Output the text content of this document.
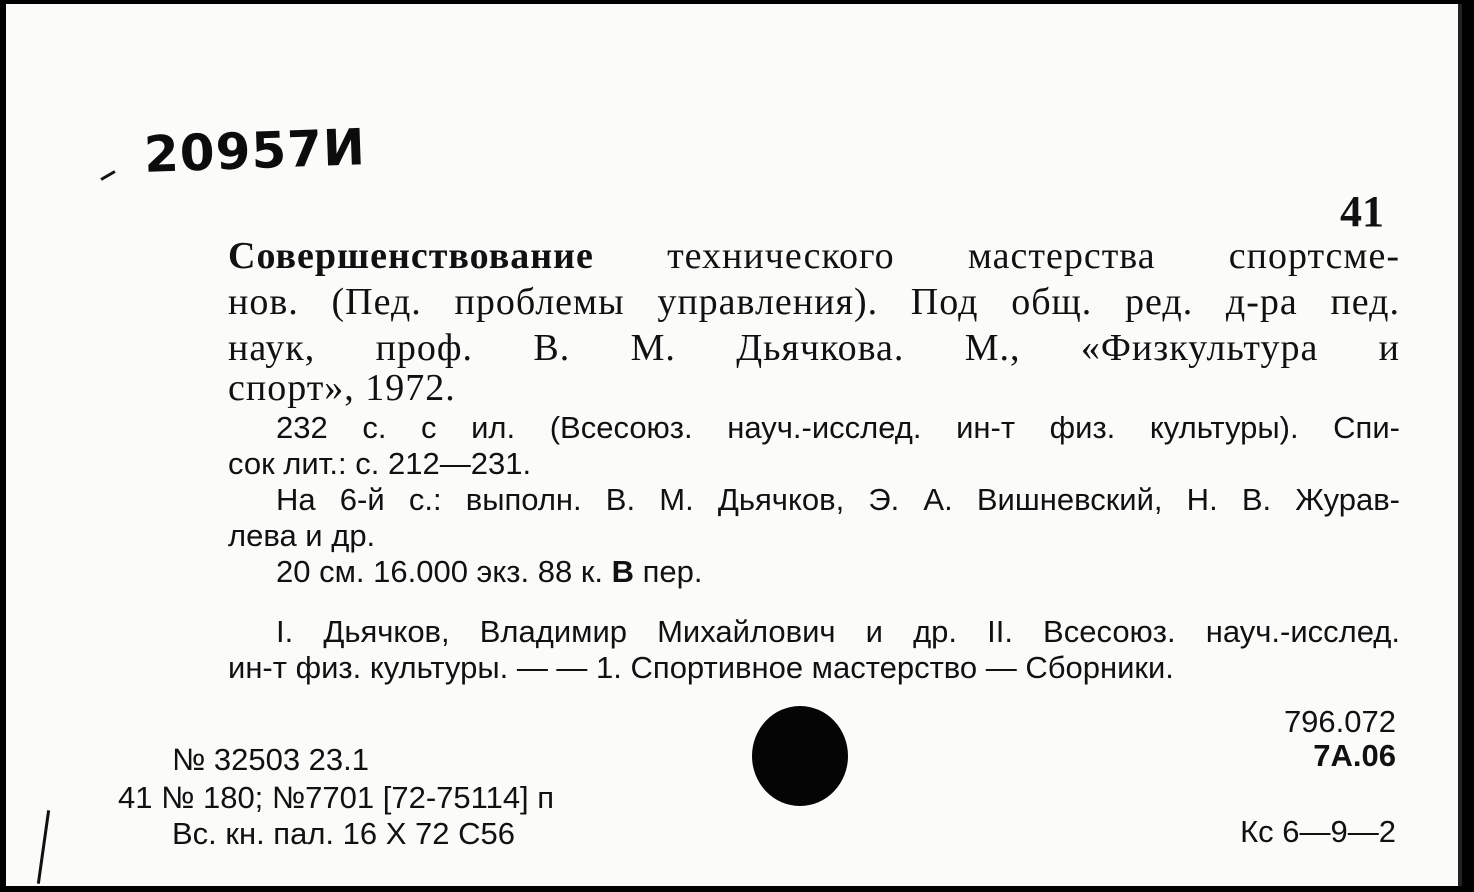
20957И
41
Совершенствование технического мастерства спортсме-
нов. (Пед. проблемы управления). Под общ. ред. д-ра пед.
наук, проф. В. М. Дьячкова. М., «Физкультура и
спорт», 1972.
232 с. с ил. (Всесоюз. науч.-исслед. ин-т физ. культуры). Спи-
сок лит.: с. 212—231.
На 6-й с.: выполн. В. М. Дьячков, Э. А. Вишневский, Н. В. Журав-
лева и др.
20 см. 16.000 экз. 88 к. В пер.
I. Дьячков, Владимир Михайлович и др. II. Всесоюз. науч.-исслед.
ин-т физ. культуры. — — 1. Спортивное мастерство — Сборники.
796.072
7А.06
№ 32503 23.1
41 № 180; №7701 [72-75114] п
Вс. кн. пал. 16 Х 72 С56	Кс 6—9—2
